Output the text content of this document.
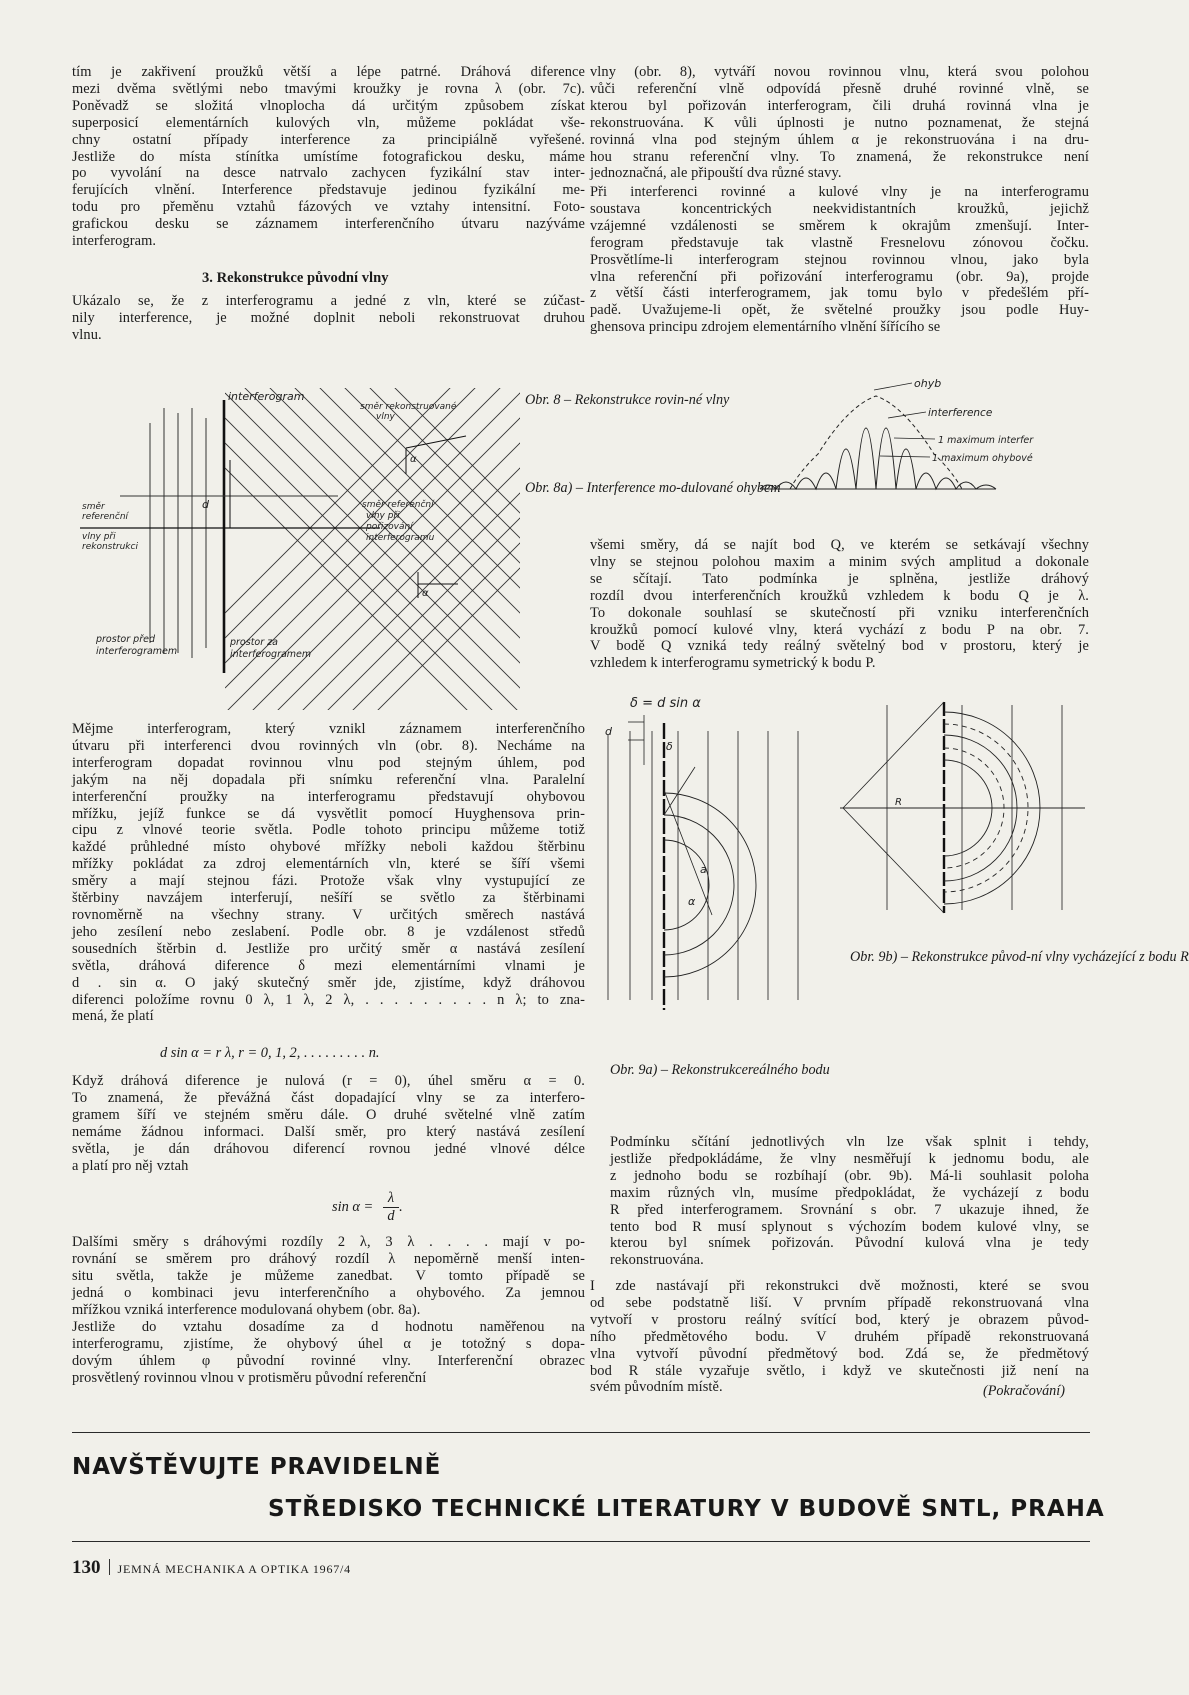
tím je zakřivení proužků větší a lépe patrné. Dráhová diference
mezi dvěma světlými nebo tmavými kroužky je rovna λ (obr. 7c).
Poněvadž se složitá vlnoplocha dá určitým způsobem získat
superposicí elementárních kulových vln, můžeme pokládat vše-
chny ostatní případy interference za principiálně vyřešené.
Jestliže do místa stínítka umístíme fotografickou desku, máme
po vyvolání na desce natrvalo zachycen fyzikální stav inter-
ferujících vlnění. Interference představuje jedinou fyzikální me-
todu pro přeměnu vztahů fázových ve vztahy intensitní. Foto-
grafickou desku se záznamem interferenčního útvaru nazýváme
interferogram.
3. Rekonstrukce původní vlny
Ukázalo se, že z interferogramu a jedné z vln, které se zúčast-
nily interference, je možné doplnit neboli rekonstruovat druhou
vlnu.
vlny (obr. 8), vytváří novou rovinnou vlnu, která svou polohou
vůči referenční vlně odpovídá přesně druhé rovinné vlně, se
kterou byl pořizován interferogram, čili druhá rovinná vlna je
rekonstruována. K vůli úplnosti je nutno poznamenat, že stejná
rovinná vlna pod stejným úhlem α je rekonstruována i na dru-
hou stranu referenční vlny. To znamená, že rekonstrukce není
jednoznačná, ale připouští dva různé stavy.
Při interferenci rovinné a kulové vlny je na interferogramu
soustava koncentrických neekvidistantních kroužků, jejichž
vzájemné vzdálenosti se směrem k okrajům zmenšují. Inter-
ferogram představuje tak vlastně Fresnelovu zónovou čočku.
Prosvětlíme-li interferogram stejnou rovinnou vlnou, jako byla
vlna referenční při pořizování interferogramu (obr. 9a), projde
z větší části interferogramem, jak tomu bylo v předešlém pří-
padě. Uvažujeme-li opět, že světelné proužky jsou podle Huy-
ghensova principu zdrojem elementárního vlnění šířícího se
interferogram
směr rekonstruované
vlny
α
směr
referenční
vlny při
rekonstrukci
d	směr referenční
vlny při
pořizování
interferogramu
α
prostor před
interferogramem
prostor za
interferogramem
Obr. 8 – Rekonstrukce rovin-né vlny
Obr. 8a) – Interference mo-dulované ohybem
ohyb
interference
1 maximum interfer
1 maximum ohybové
všemi směry, dá se najít bod Q, ve kterém se setkávají všechny
vlny se stejnou polohou maxim a minim svých amplitud a dokonale
se sčítají. Tato podmínka je splněna, jestliže dráhový
rozdíl dvou interferenčních kroužků vzhledem k bodu Q je λ.
To dokonale souhlasí se skutečností při vzniku interferenčních
kroužků pomocí kulové vlny, která vychází z bodu P na obr. 7.
V bodě Q vzniká tedy reálný světelný bod v prostoru, který je
vzhledem k interferogramu symetrický k bodu P.
Mějme interferogram, který vznikl záznamem interferenčního
útvaru při interferenci dvou rovinných vln (obr. 8). Necháme na
interferogram dopadat rovinnou vlnu pod stejným úhlem, pod
jakým na něj dopadala při snímku referenční vlna. Paralelní
interferenční proužky na interferogramu představují ohybovou
mřížku, jejíž funkce se dá vysvětlit pomocí Huyghensova prin-
cipu z vlnové teorie světla. Podle tohoto principu můžeme totiž
každé průhledné místo ohybové mřížky neboli každou štěrbinu
mřížky pokládat za zdroj elementárních vln, které se šíří všemi
směry a mají stejnou fázi. Protože však vlny vystupující ze
štěrbiny navzájem interferují, nešíří se světlo za štěrbinami
rovnoměrně na všechny strany. V určitých směrech nastává
jeho zesílení nebo zeslabení. Podle obr. 8 je vzdálenost středů
sousedních štěrbin d. Jestliže pro určitý směr α nastává zesílení
světla, dráhová diference δ mezi elementárními vlnami je
d . sin α. O jaký skutečný směr jde, zjistíme, když dráhovou
diferenci položíme rovnu 0 λ, 1 λ, 2 λ, . . . . . . . . . n λ; to zna-
mená, že platí
d sin α = r λ, r = 0, 1, 2, . . . . . . . . . n.
Když dráhová diference je nulová (r = 0), úhel směru α = 0.
To znamená, že převážná část dopadající vlny se za interfero-
gramem šíří ve stejném směru dále. O druhé světelné vlně zatím
nemáme žádnou informaci. Další směr, pro který nastává zesílení
světla, je dán dráhovou diferencí rovnou jedné vlnové délce
a platí pro něj vztah
$\sin \alpha = \frac{\lambda}{d}$ .
Dalšími směry s dráhovými rozdíly 2 λ, 3 λ . . . . mají v po-
rovnání se směrem pro dráhový rozdíl λ nepoměrně menší inten-
situ světla, takže je můžeme zanedbat. V tomto případě se
jedná o kombinaci jevu interferenčního a ohybového. Za jemnou
mřížkou vzniká interference modulovaná ohybem (obr. 8a).
Jestliže do vztahu dosadíme za d hodnotu naměřenou na
interferogramu, zjistíme, že ohybový úhel α je totožný s dopa-
dovým úhlem φ původní rovinné vlny. Interferenční obrazec
prosvětlený rovinnou vlnou v protisměru původní referenční
δ = d sin α
d
δ
α
a
Obr. 9a) – Rekonstrukcereálného bodu
R
Obr. 9b) – Rekonstrukce původ-ní vlny vycházející z bodu R
Podmínku sčítání jednotlivých vln lze však splnit i tehdy,
jestliže předpokládáme, že vlny nesměřují k jednomu bodu, ale
z jednoho bodu se rozbíhají (obr. 9b). Má-li souhlasit poloha
maxim různých vln, musíme předpokládat, že vycházejí z bodu
R před interferogramem. Srovnání s obr. 7 ukazuje ihned, že
tento bod R musí splynout s výchozím bodem kulové vlny, se
kterou byl snímek pořizován. Původní kulová vlna je tedy
rekonstruována.
I zde nastávají při rekonstrukci dvě možnosti, které se svou
od sebe podstatně liší. V prvním případě rekonstruovaná vlna
vytvoří v prostoru reálný svítící bod, který je obrazem původ-
ního předmětového bodu. V druhém případě rekonstruovaná
vlna vytvoří původní předmětový bod. Zdá se, že předmětový
bod R stále vyzařuje světlo, i když ve skutečnosti již není na
svém původním místě.	(Pokračování)
NAVŠTĚVUJTE PRAVIDELNĚ
STŘEDISKO TECHNICKÉ LITERATURY V BUDOVĚ SNTL, PRAHA
130 JEMNÁ MECHANIKA A OPTIKA 1967/4
